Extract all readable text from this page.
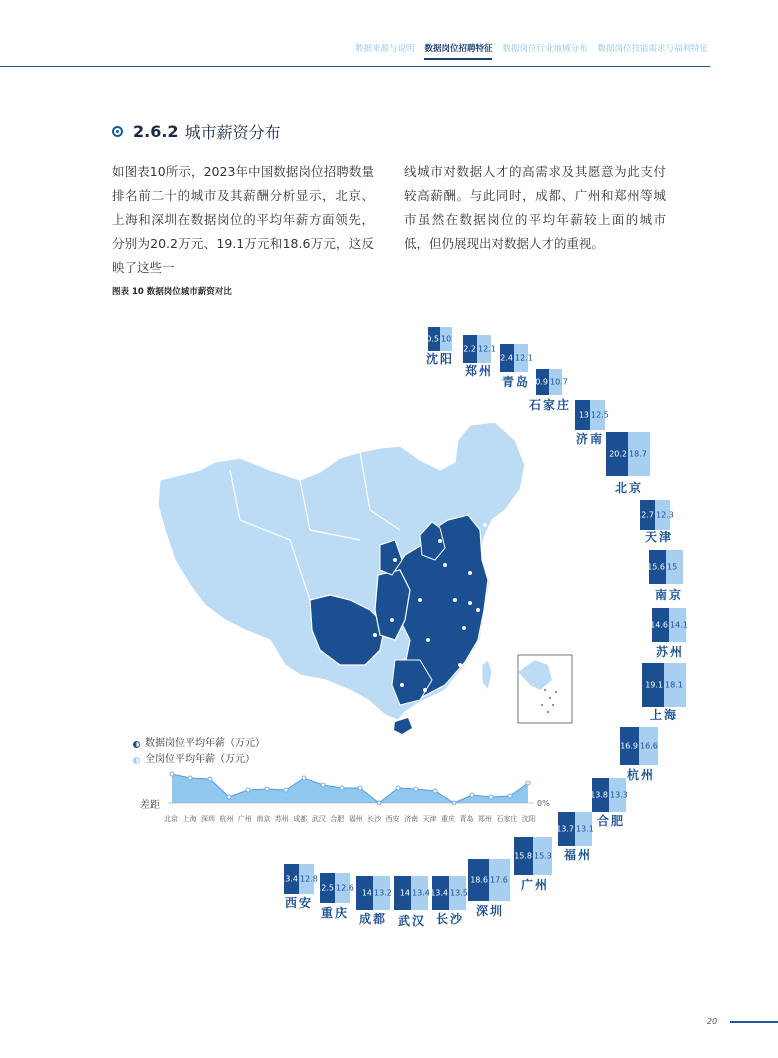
数据来源与说明 数据岗位招聘特征 数据岗位行业地域分布 数据岗位技能需求与福利特征
2.6.2 城市薪资分布
如图表10所示，2023年中国数据岗位招聘数量排名前二十的城市及其薪酬分析显示，北京、上海和深圳在数据岗位的平均年薪方面领先，分别为20.2万元、19.1万元和18.6万元，这反映了这些一
线城市对数据人才的高需求及其愿意为此支付较高薪酬。与此同时，成都、广州和郑州等城市虽然在数据岗位的平均年薪较上面的城市低，但仍展现出对数据人才的重视。
图表 10 数据岗位城市薪资对比
数据岗位平均年薪（万元）
全岗位平均年薪（万元）
差距	0%
北京 上海 深圳 杭州 广州 南京 苏州 成都 武汉 合肥 福州 长沙 西安 济南 天津 重庆 青岛 郑州 石家庄 沈阳
10.5 10
沈阳
12.2 12.1
郑州
12.4 12.1
青岛 10.9 10.7
石家庄
13 12.5
济南
20.2 18.7
北京
12.7 12.3
天津
15.6 15
南京
14.6 14.1
苏州
19.1 18.1
上海
16.9 16.6
杭州
13.8 13.3
合肥
13.7 13.1
福州
15.8 15.3
广州
18.6 17.6
深圳
13.4 13.5
长沙
14 13.4
武汉
14 13.2
成都
12.5 12.6
重庆
13.4 12.8
西安
20
